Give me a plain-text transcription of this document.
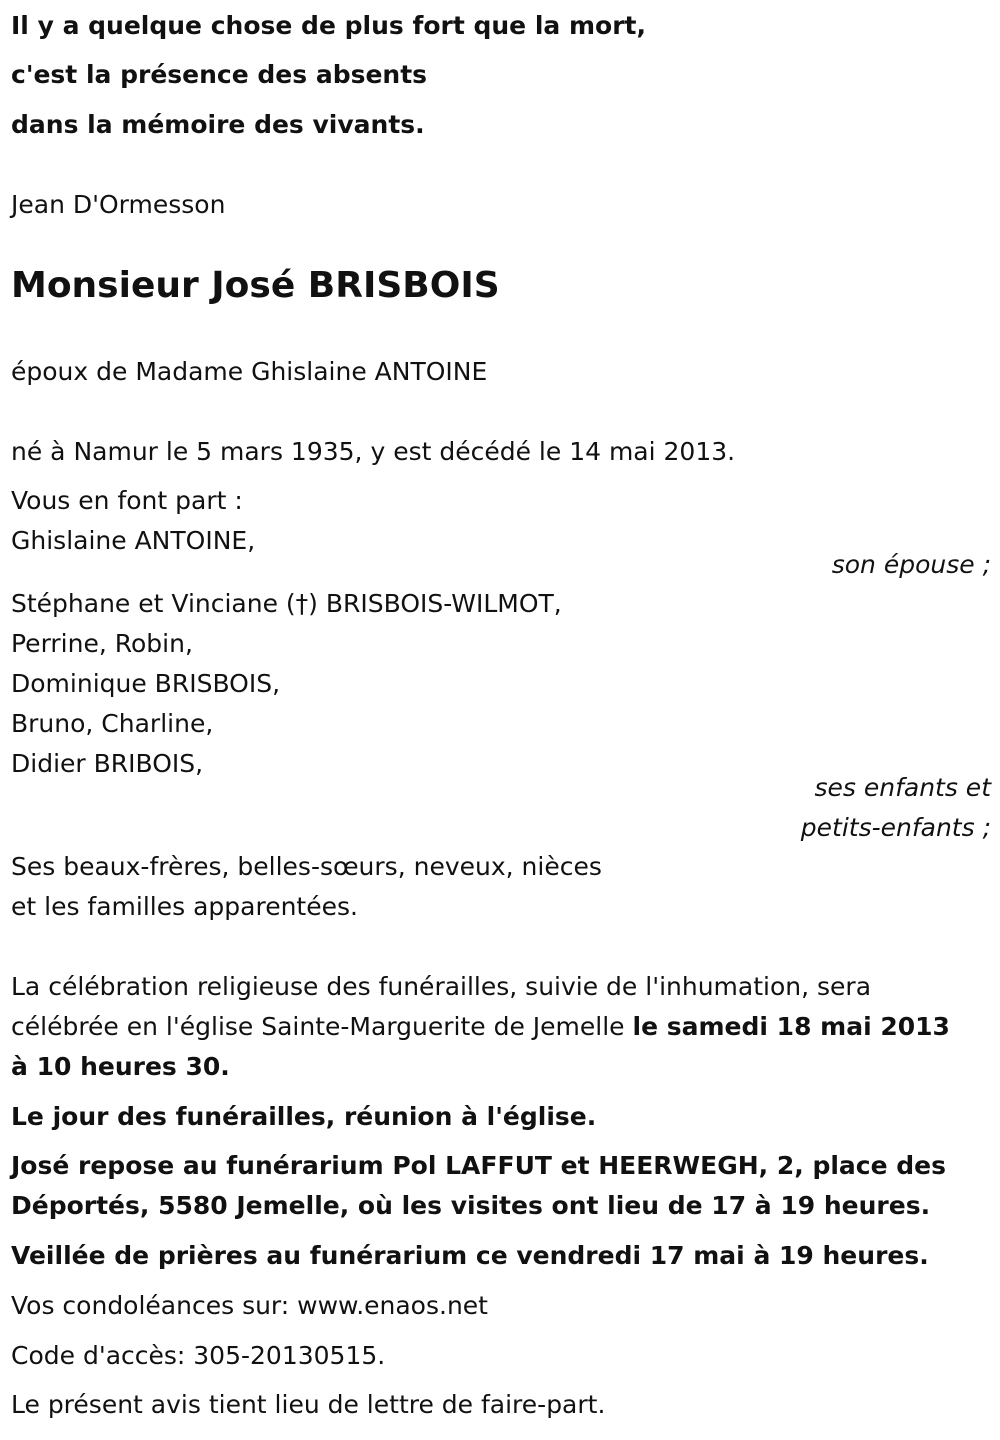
Il y a quelque chose de plus fort que la mort,
c'est la présence des absents
dans la mémoire des vivants.
Jean D'Ormesson
Monsieur José BRISBOIS
époux de Madame Ghislaine ANTOINE
né à Namur le 5 mars 1935, y est décédé le 14 mai 2013.
Vous en font part :
Ghislaine ANTOINE,
son épouse ;
Stéphane et Vinciane (†) BRISBOIS-WILMOT,
Perrine, Robin,
Dominique BRISBOIS,
Bruno, Charline,
Didier BRIBOIS,
ses enfants et
petits-enfants ;
Ses beaux-frères, belles-sœurs, neveux, nièces
et les familles apparentées.
La célébration religieuse des funérailles, suivie de l'inhumation, sera
célébrée en l'église Sainte-Marguerite de Jemelle le samedi 18 mai 2013
à 10 heures 30.
Le jour des funérailles, réunion à l'église.
José repose au funérarium Pol LAFFUT et HEERWEGH, 2, place des
Déportés, 5580 Jemelle, où les visites ont lieu de 17 à 19 heures.
Veillée de prières au funérarium ce vendredi 17 mai à 19 heures.
Vos condoléances sur: www.enaos.net
Code d'accès: 305-20130515.
Le présent avis tient lieu de lettre de faire-part.
